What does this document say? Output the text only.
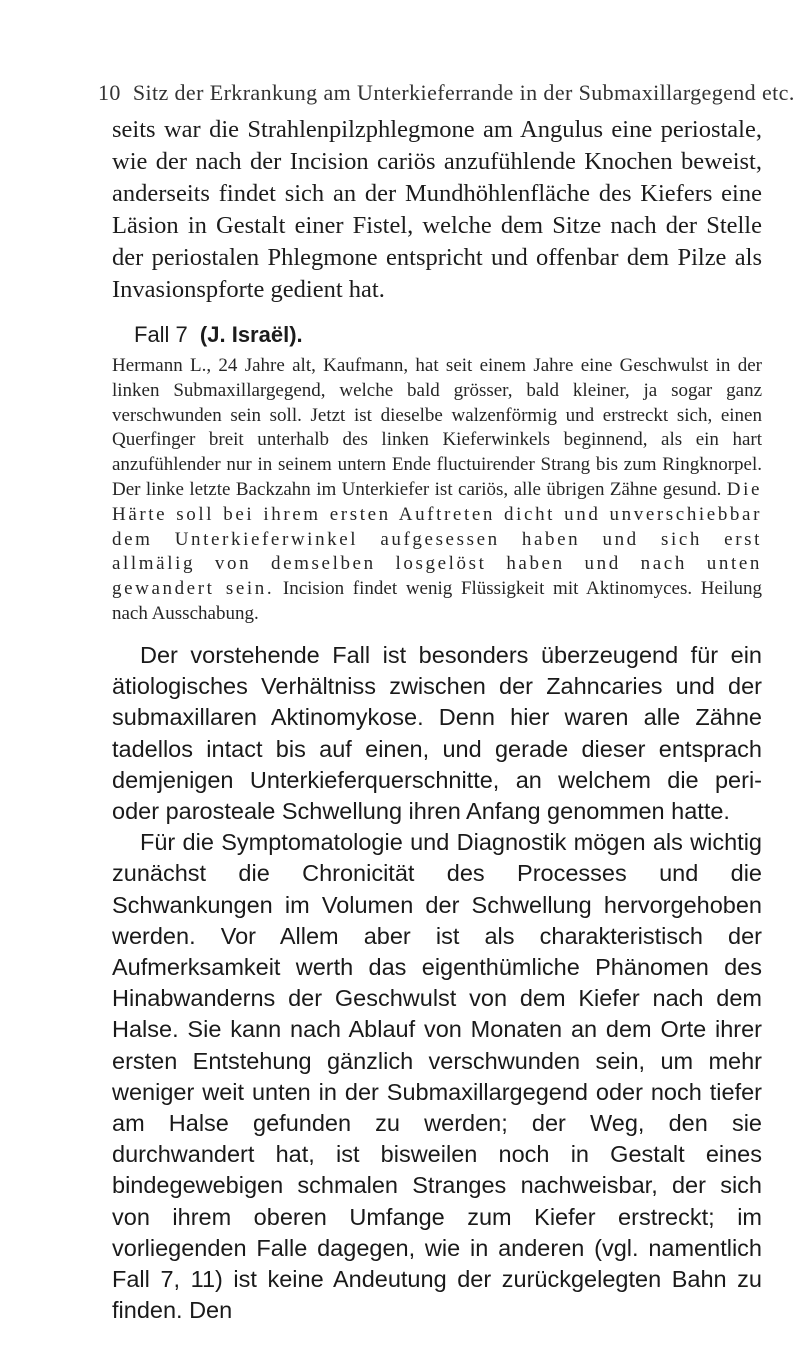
10 Sitz der Erkrankung am Unterkieferrande in der Submaxillargegend etc.
seits war die Strahlenpilzphlegmone am Angulus eine periostale, wie der nach der Incision cariös anzufühlende Knochen beweist, anderseits findet sich an der Mundhöhlenfläche des Kiefers eine Läsion in Gestalt einer Fistel, welche dem Sitze nach der Stelle der periostalen Phlegmone entspricht und offenbar dem Pilze als Invasionspforte gedient hat.
Fall 7 (J. Israël).
Hermann L., 24 Jahre alt, Kaufmann, hat seit einem Jahre eine Geschwulst in der linken Submaxillargegend, welche bald grösser, bald kleiner, ja sogar ganz verschwunden sein soll. Jetzt ist dieselbe walzenförmig und erstreckt sich, einen Querfinger breit unterhalb des linken Kieferwinkels beginnend, als ein hart anzufühlender nur in seinem untern Ende fluctuirender Strang bis zum Ringknorpel. Der linke letzte Backzahn im Unterkiefer ist cariös, alle übrigen Zähne gesund. Die Härte soll bei ihrem ersten Auftreten dicht und unverschiebbar dem Unterkieferwinkel aufgesessen haben und sich erst allmälig von demselben losgelöst haben und nach unten gewandert sein. Incision findet wenig Flüssigkeit mit Aktinomyces. Heilung nach Ausschabung.

Der vorstehende Fall ist besonders überzeugend für ein ätiologisches Verhältniss zwischen der Zahncaries und der submaxillaren Aktinomykose. Denn hier waren alle Zähne tadellos intact bis auf einen, und gerade dieser entsprach demjenigen Unterkieferquerschnitte, an welchem die peri- oder parosteale Schwellung ihren Anfang genommen hatte.

Für die Symptomatologie und Diagnostik mögen als wichtig zunächst die Chronicität des Processes und die Schwankungen im Volumen der Schwellung hervorgehoben werden. Vor Allem aber ist als charakteristisch der Aufmerksamkeit werth das eigenthümliche Phänomen des Hinabwanderns der Geschwulst von dem Kiefer nach dem Halse. Sie kann nach Ablauf von Monaten an dem Orte ihrer ersten Entstehung gänzlich verschwunden sein, um mehr weniger weit unten in der Submaxillargegend oder noch tiefer am Halse gefunden zu werden; der Weg, den sie durchwandert hat, ist bisweilen noch in Gestalt eines bindegewebigen schmalen Stranges nachweisbar, der sich von ihrem oberen Umfange zum Kiefer erstreckt; im vorliegenden Falle dagegen, wie in anderen (vgl. namentlich Fall 7, 11) ist keine Andeutung der zurückgelegten Bahn zu finden. Den
